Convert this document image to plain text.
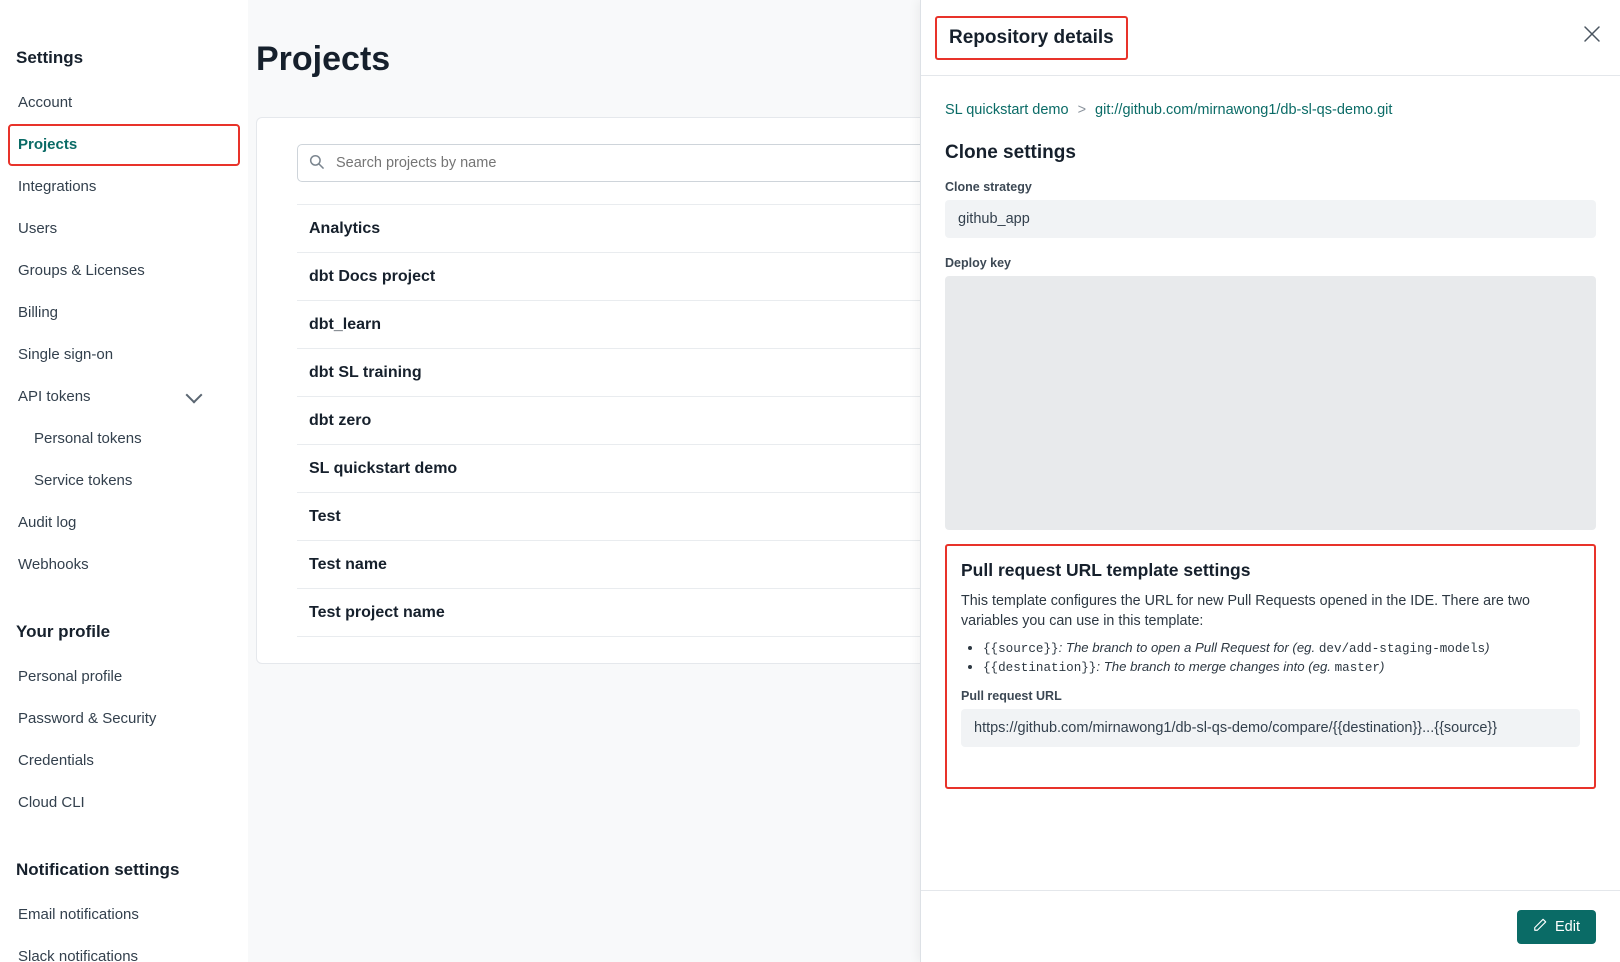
Settings
Account
Projects
Integrations
Users
Groups & Licenses
Billing
Single sign-on
API tokens
Personal tokens
Service tokens
Audit log
Webhooks
Your profile
Personal profile
Password & Security
Credentials
Cloud CLI
Notification settings
Email notifications
Slack notifications
Projects
Search projects by name
Analytics
dbt Docs project
dbt_learn
dbt SL training
dbt zero
SL quickstart demo
Test
Test name
Test project name
Repository details
SL quickstart demo > git://github.com/mirnawong1/db-sl-qs-demo.git
Clone settings
Clone strategy
github_app
Deploy key
Pull request URL template settings

This template configures the URL for new Pull Requests opened in the IDE. There are two variables you can use in this template:

• {{source}}: The branch to open a Pull Request for (eg. dev/add-staging-models)
• {{destination}}: The branch to merge changes into (eg. master)
Pull request URL
https://github.com/mirnawong1/db-sl-qs-demo/compare/{{destination}}...{{source}}
Edit
